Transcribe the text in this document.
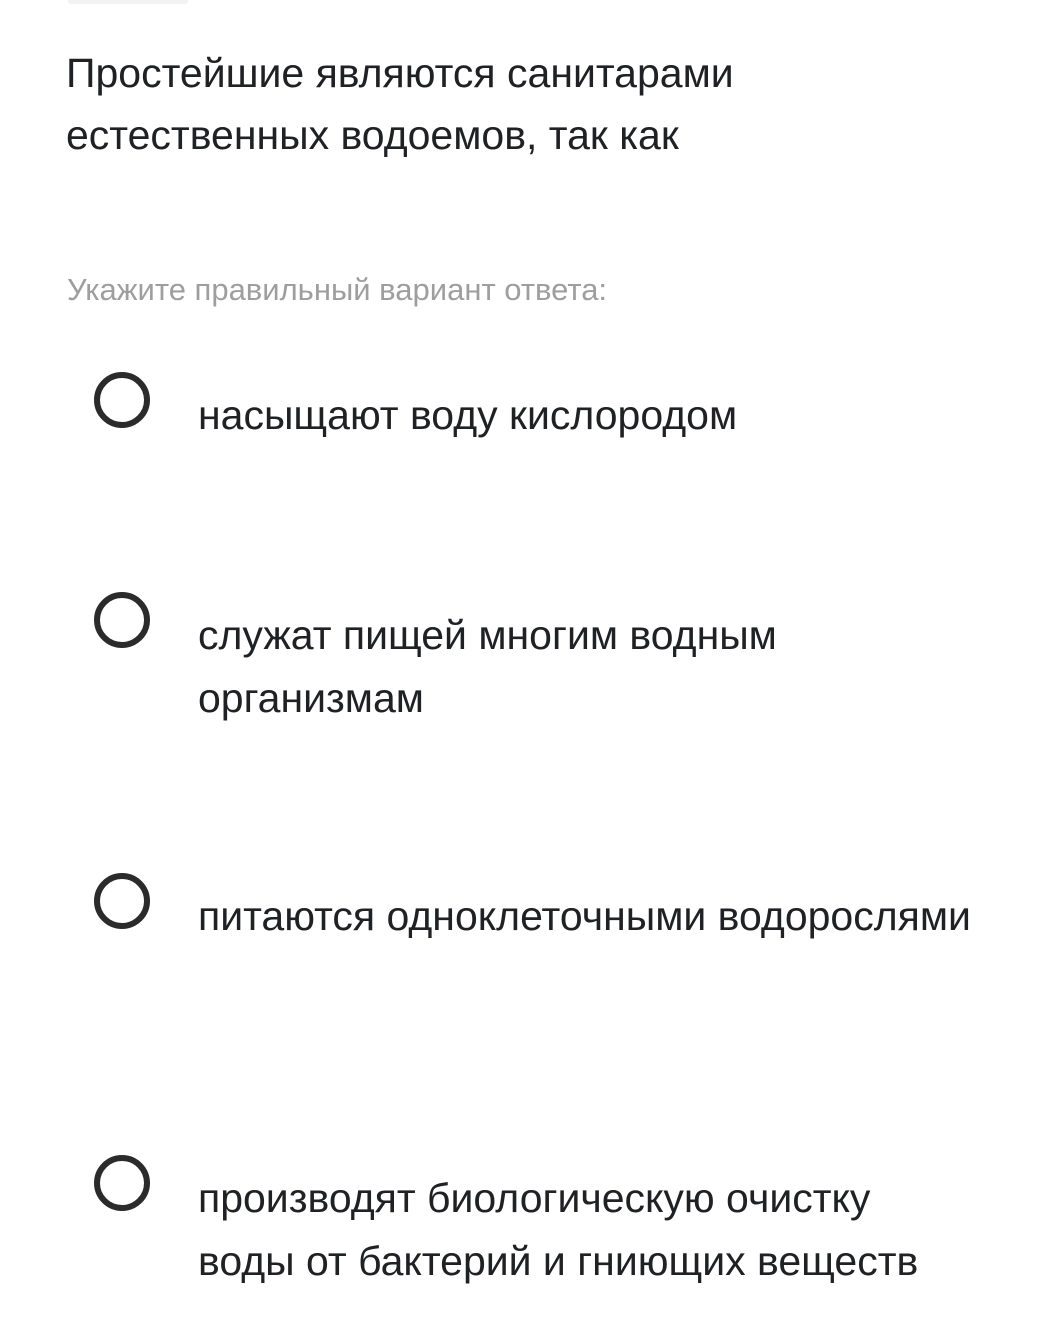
Простейшие являются санитарами естественных водоемов, так как
Укажите правильный вариант ответа:
насыщают воду кислородом
служат пищей многим водным организмам
питаются одноклеточными водорослями
производят биологическую очистку воды от бактерий и гниющих веществ
